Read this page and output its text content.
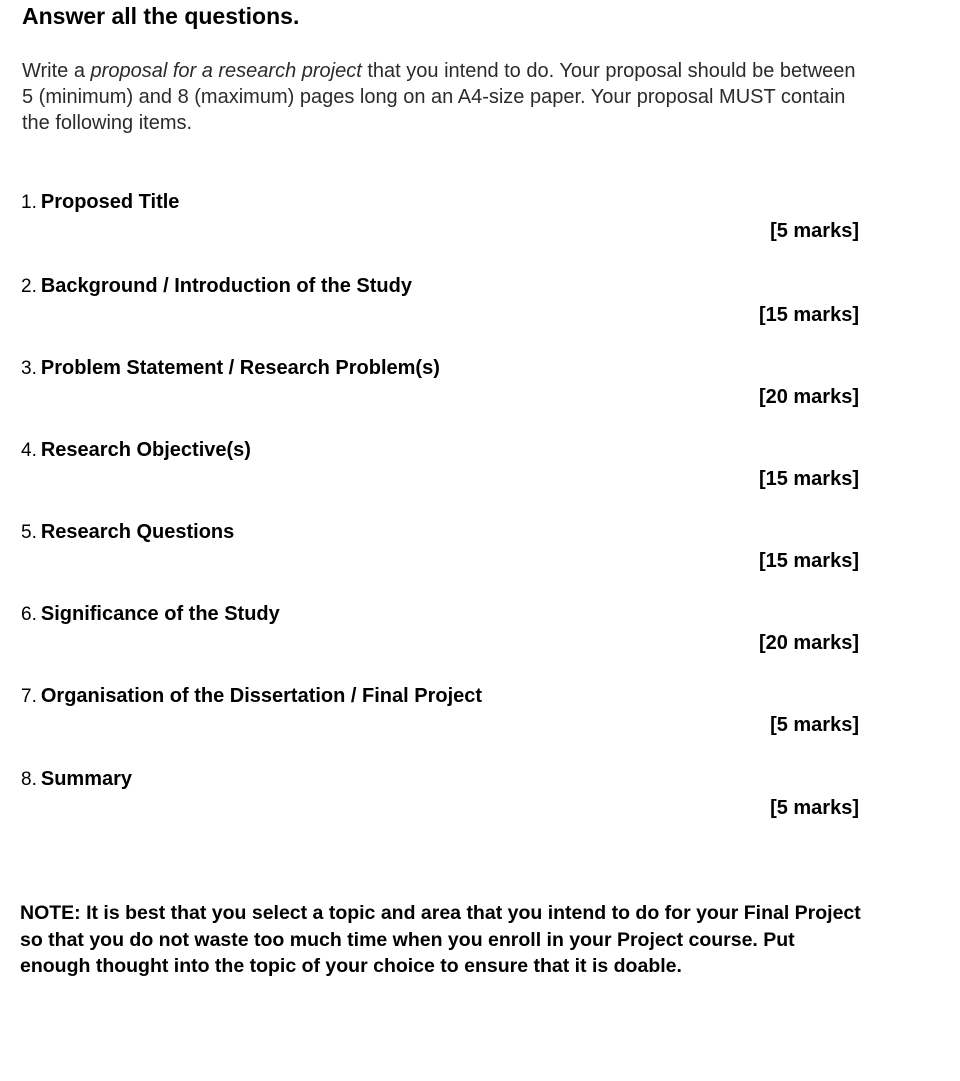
Answer all the questions.

Write a proposal for a research project that you intend to do. Your proposal should be between 5 (minimum) and 8 (maximum) pages long on an A4-size paper. Your proposal MUST contain the following items.

1. Proposed Title
[5 marks]
2. Background / Introduction of the Study
[15 marks]
3. Problem Statement / Research Problem(s)
[20 marks]
4. Research Objective(s)
[15 marks]
5. Research Questions
[15 marks]
6. Significance of the Study
[20 marks]
7. Organisation of the Dissertation / Final Project
[5 marks]
8. Summary
[5 marks]

NOTE: It is best that you select a topic and area that you intend to do for your Final Project so that you do not waste too much time when you enroll in your Project course. Put enough thought into the topic of your choice to ensure that it is doable.
